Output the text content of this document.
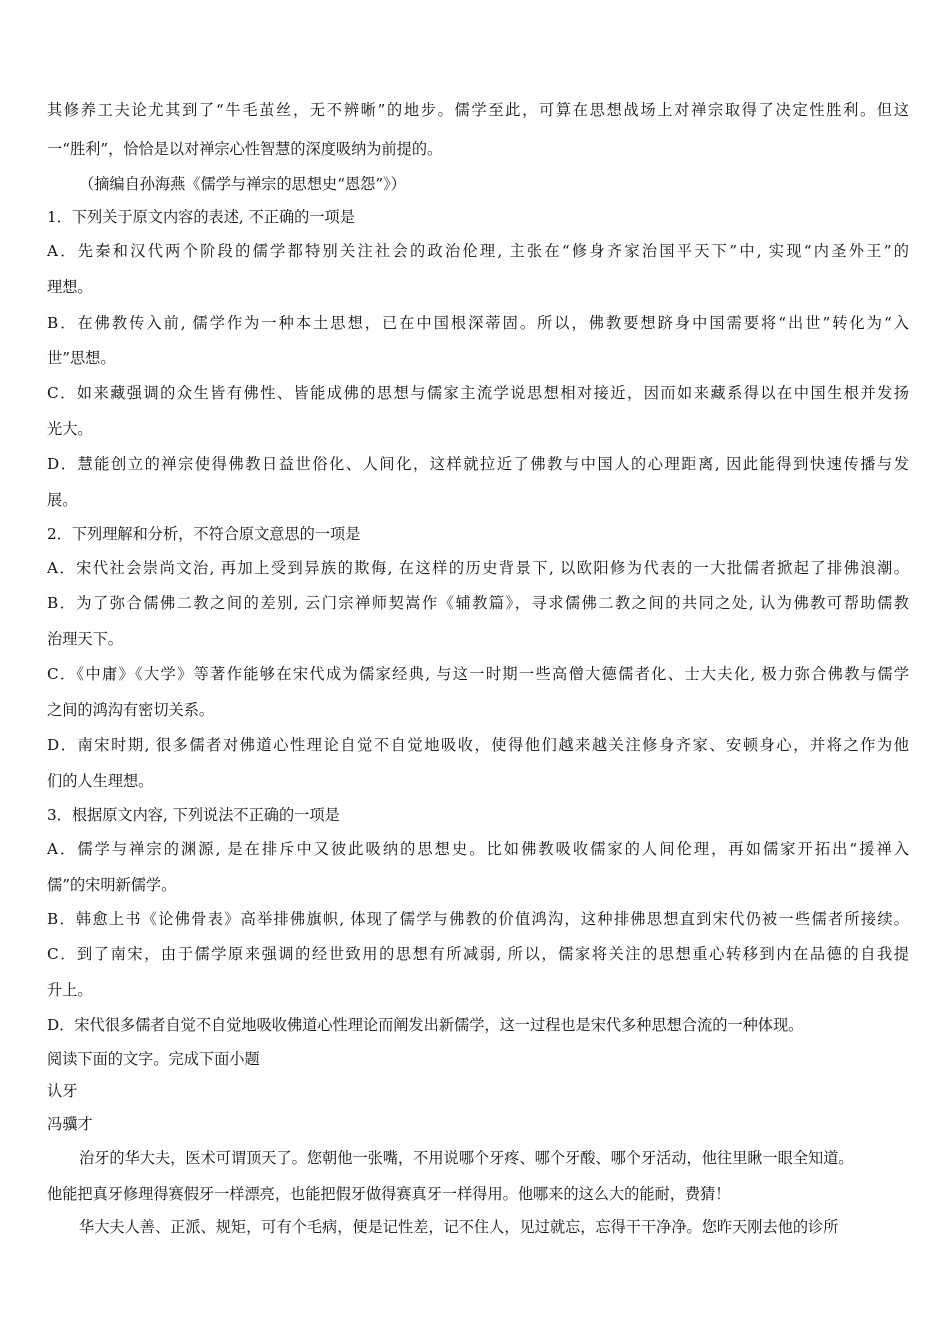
其修养工夫论尤其到了“牛毛茧丝，无不辨晰”的地步。儒学至此，可算在思想战场上对禅宗取得了决定性胜利。但这
一“胜利”，恰恰是以对禅宗心性智慧的深度吸纳为前提的。
（摘编自孙海燕《儒学与禅宗的思想史“恩怨”》）
1．下列关于原文内容的表述, 不正确的一项是
A．先秦和汉代两个阶段的儒学都特别关注社会的政治伦理, 主张在“修身齐家治国平天下”中, 实现“内圣外王”的
理想。
B．在佛教传入前, 儒学作为一种本土思想，已在中国根深蒂固。所以，佛教要想跻身中国需要将“出世”转化为“入
世”思想。
C．如来藏强调的众生皆有佛性、皆能成佛的思想与儒家主流学说思想相对接近，因而如来藏系得以在中国生根并发扬
光大。
D．慧能创立的禅宗使得佛教日益世俗化、人间化，这样就拉近了佛教与中国人的心理距离, 因此能得到快速传播与发
展。
2．下列理解和分析，不符合原文意思的一项是
A．宋代社会崇尚文治, 再加上受到异族的欺侮, 在这样的历史背景下, 以欧阳修为代表的一大批儒者掀起了排佛浪潮。
B．为了弥合儒佛二教之间的差别, 云门宗禅师契嵩作《辅教篇》，寻求儒佛二教之间的共同之处, 认为佛教可帮助儒教
治理天下。
C．《中庸》《大学》等著作能够在宋代成为儒家经典, 与这一时期一些高僧大德儒者化、士大夫化, 极力弥合佛教与儒学
之间的鸿沟有密切关系。
D．南宋时期, 很多儒者对佛道心性理论自觉不自觉地吸收，使得他们越来越关注修身齐家、安顿身心，并将之作为他
们的人生理想。
3．根据原文内容, 下列说法不正确的一项是
A．儒学与禅宗的渊源, 是在排斥中又彼此吸纳的思想史。比如佛教吸收儒家的人间伦理，再如儒家开拓出“援禅入
儒”的宋明新儒学。
B．韩愈上书《论佛骨表》高举排佛旗帜, 体现了儒学与佛教的价值鸿沟，这种排佛思想直到宋代仍被一些儒者所接续。
C．到了南宋，由于儒学原来强调的经世致用的思想有所减弱, 所以，儒家将关注的思想重心转移到内在品德的自我提
升上。
D．宋代很多儒者自觉不自觉地吸收佛道心性理论而阐发出新儒学，这一过程也是宋代多种思想合流的一种体现。
阅读下面的文字。完成下面小题
认牙
冯骥才
治牙的华大夫，医术可谓顶天了。您朝他一张嘴，不用说哪个牙疼、哪个牙酸、哪个牙活动，他往里瞅一眼全知道。
他能把真牙修理得赛假牙一样漂亮，也能把假牙做得赛真牙一样得用。他哪来的这么大的能耐，费猜！
华大夫人善、正派、规矩，可有个毛病，便是记性差，记不住人，见过就忘，忘得干干净净。您昨天刚去他的诊所
